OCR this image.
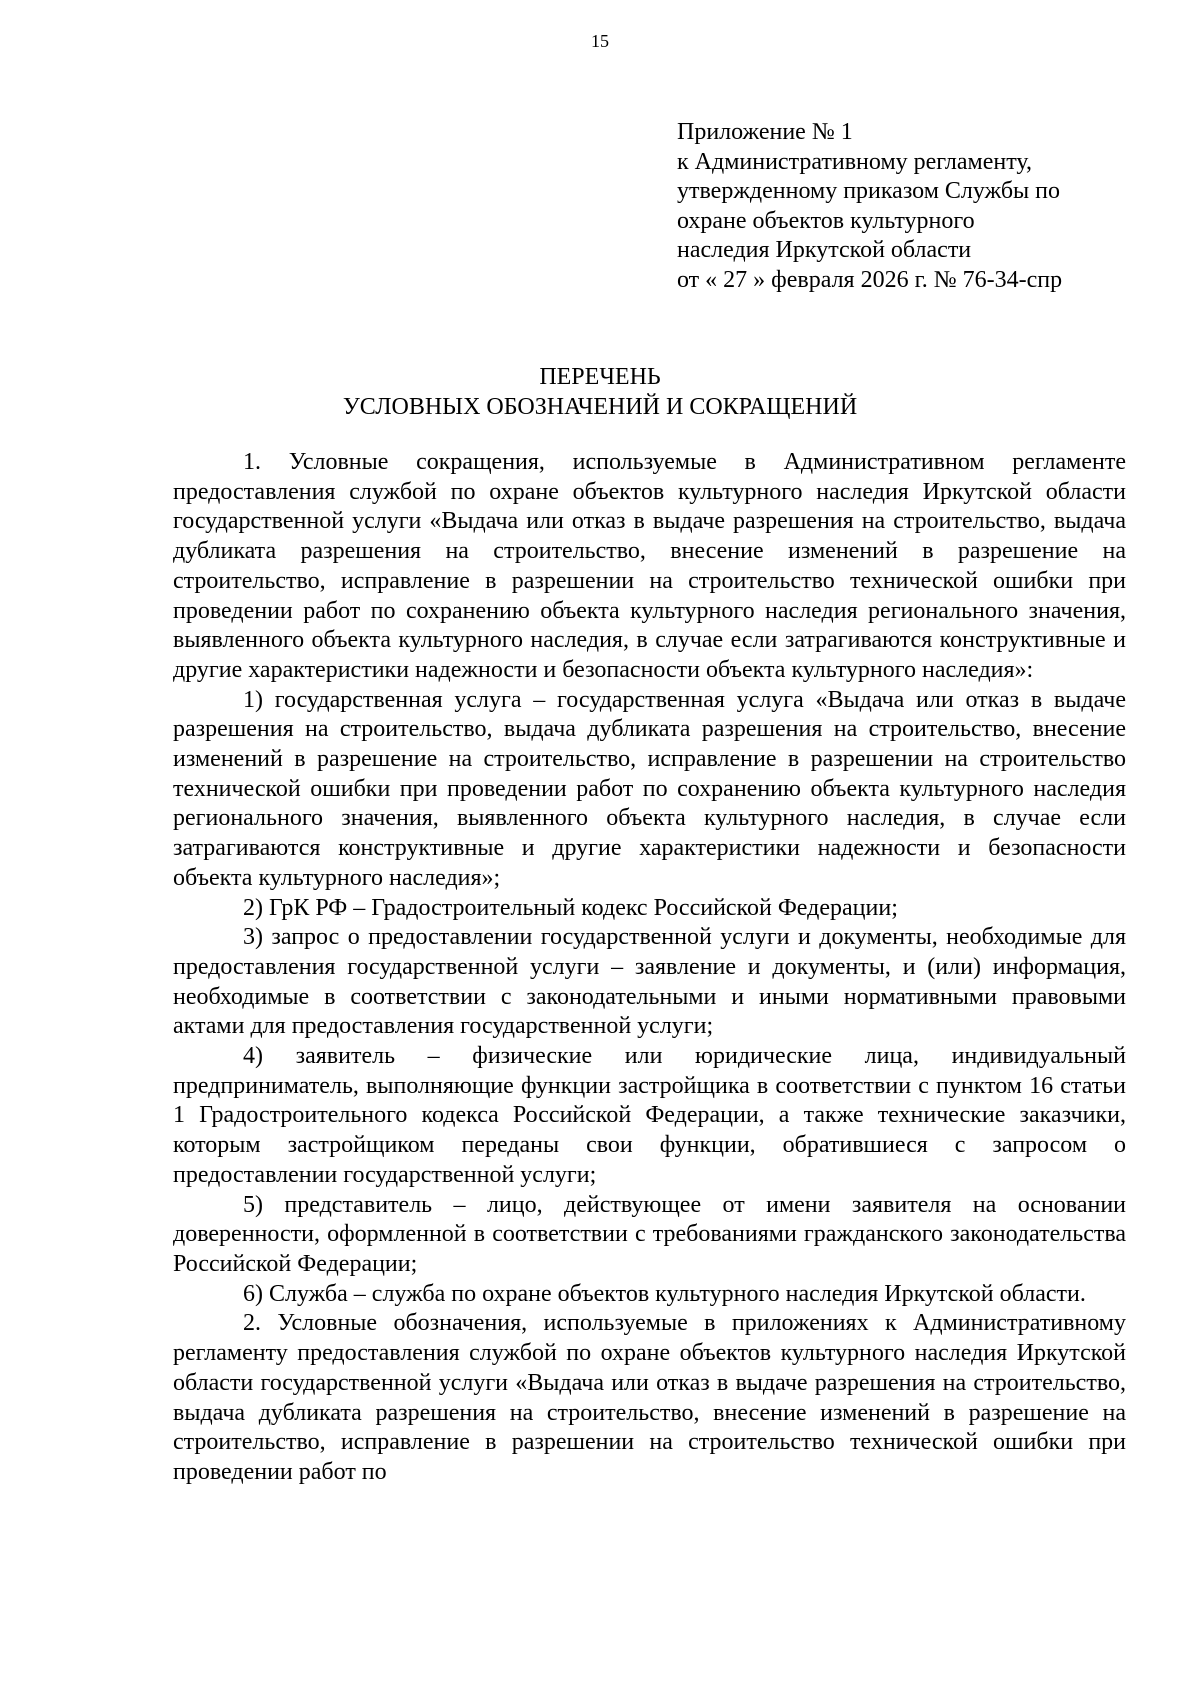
15
Приложение № 1
к Административному регламенту,
утвержденному приказом Службы по
охране объектов культурного
наследия Иркутской области
от « 27 » февраля 2026 г. № 76-34-спр
ПЕРЕЧЕНЬ
УСЛОВНЫХ ОБОЗНАЧЕНИЙ И СОКРАЩЕНИЙ

1. Условные сокращения, используемые в Административном регламенте предоставления службой по охране объектов культурного наследия Иркутской области государственной услуги «Выдача или отказ в выдаче разрешения на строительство, выдача дубликата разрешения на строительство, внесение изменений в разрешение на строительство, исправление в разрешении на строительство технической ошибки при проведении работ по сохранению объекта культурного наследия регионального значения, выявленного объекта культурного наследия, в случае если затрагиваются конструктивные и другие характеристики надежности и безопасности объекта культурного наследия»:

1) государственная услуга – государственная услуга «Выдача или отказ в выдаче разрешения на строительство, выдача дубликата разрешения на строительство, внесение изменений в разрешение на строительство, исправление в разрешении на строительство технической ошибки при проведении работ по сохранению объекта культурного наследия регионального значения, выявленного объекта культурного наследия, в случае если затрагиваются конструктивные и другие характеристики надежности и безопасности объекта культурного наследия»;

2) ГрК РФ – Градостроительный кодекс Российской Федерации;

3) запрос о предоставлении государственной услуги и документы, необходимые для предоставления государственной услуги – заявление и документы, и (или) информация, необходимые в соответствии с законодательными и иными нормативными правовыми актами для предоставления государственной услуги;

4) заявитель – физические или юридические лица, индивидуальный предприниматель, выполняющие функции застройщика в соответствии с пунктом 16 статьи 1 Градостроительного кодекса Российской Федерации, а также технические заказчики, которым застройщиком переданы свои функции, обратившиеся с запросом о предоставлении государственной услуги;

5) представитель – лицо, действующее от имени заявителя на основании доверенности, оформленной в соответствии с требованиями гражданского законодательства Российской Федерации;

6) Служба – служба по охране объектов культурного наследия Иркутской области.

2. Условные обозначения, используемые в приложениях к Административному регламенту предоставления службой по охране объектов культурного наследия Иркутской области государственной услуги «Выдача или отказ в выдаче разрешения на строительство, выдача дубликата разрешения на строительство, внесение изменений в разрешение на строительство, исправление в разрешении на строительство технической ошибки при проведении работ по
